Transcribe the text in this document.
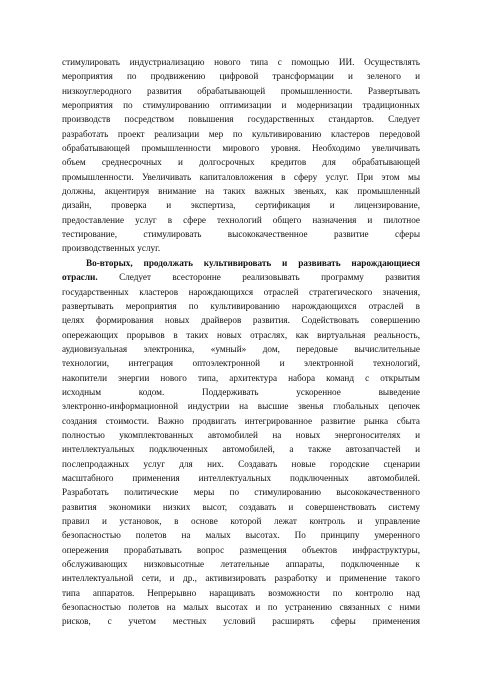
стимулировать индустриализацию нового типа с помощью ИИ. Осуществлять
мероприятия по продвижению цифровой трансформации и зеленого и
низкоуглеродного развития обрабатывающей промышленности. Развертывать
мероприятия по стимулированию оптимизации и модернизации традиционных
производств посредством повышения государственных стандартов. Следует
разработать проект реализации мер по культивированию кластеров передовой
обрабатывающей промышленности мирового уровня. Необходимо увеличивать
объем среднесрочных и долгосрочных кредитов для обрабатывающей
промышленности. Увеличивать капиталовложения в сферу услуг. При этом мы
должны, акцентируя внимание на таких важных звеньях, как промышленный
дизайн, проверка и экспертиза, сертификация и лицензирование,
предоставление услуг в сфере технологий общего назначения и пилотное
тестирование, стимулировать высококачественное развитие сферы
производственных услуг.
Во-вторых, продолжать культивировать и развивать нарождающиеся
отрасли. Следует всесторонне реализовывать программу развития
государственных кластеров нарождающихся отраслей стратегического значения,
развертывать мероприятия по культивированию нарождающихся отраслей в
целях формирования новых драйверов развития. Содействовать совершению
опережающих прорывов в таких новых отраслях, как виртуальная реальность,
аудиовизуальная электроника, «умный» дом, передовые вычислительные
технологии, интеграция оптоэлектронной и электронной технологий,
накопители энергии нового типа, архитектура набора команд с открытым
исходным кодом. Поддерживать ускоренное выведение
электронно-информационной индустрии на высшие звенья глобальных цепочек
создания стоимости. Важно продвигать интегрированное развитие рынка сбыта
полностью укомплектованных автомобилей на новых энергоносителях и
интеллектуальных подключенных автомобилей, а также автозапчастей и
послепродажных услуг для них. Создавать новые городские сценарии
масштабного применения интеллектуальных подключенных автомобилей.
Разработать политические меры по стимулированию высококачественного
развития экономики низких высот, создавать и совершенствовать систему
правил и установок, в основе которой лежат контроль и управление
безопасностью полетов на малых высотах. По принципу умеренного
опережения прорабатывать вопрос размещения объектов инфраструктуры,
обслуживающих низковысотные летательные аппараты, подключенные к
интеллектуальной сети, и др., активизировать разработку и применение такого
типа аппаратов. Непрерывно наращивать возможности по контролю над
безопасностью полетов на малых высотах и по устранению связанных с ними
рисков, с учетом местных условий расширять сферы применения
